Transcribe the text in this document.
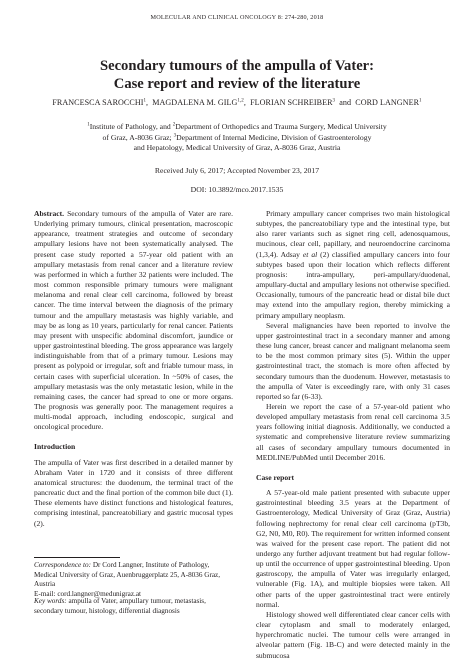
MOLECULAR AND CLINICAL ONCOLOGY 8: 274-280, 2018
Secondary tumours of the ampulla of Vater:
Case report and review of the literature
FRANCESCA SAROCCHI$^1$,  MAGDALENA M. GILG$^{1,2}$,  FLORIAN SCHREIBER$^3$ and CORD LANGNER$^1$
$^1$Institute of Pathology, and $^2$Department of Orthopedics and Trauma Surgery, Medical University
of Graz, A-8036 Graz; $^3$Department of Internal Medicine, Division of Gastroenterology
and Hepatology, Medical University of Graz, A-8036 Graz, Austria
Received July 6, 2017; Accepted November 23, 2017
DOI: 10.3892/mco.2017.1535

Abstract. Secondary tumours of the ampulla of Vater are rare. Underlying primary tumours, clinical presentation, macroscopic appearance, treatment strategies and outcome of secondary ampullary lesions have not been systematically analysed. The present case study reported a 57-year old patient with an ampullary metastasis from renal cancer and a literature review was performed in which a further 32 patients were included. The most common responsible primary tumours were malignant melanoma and renal clear cell carcinoma, followed by breast cancer. The time interval between the diagnosis of the primary tumour and the ampullary metastasis was highly variable, and may be as long as 10 years, particularly for renal cancer. Patients may present with unspecific abdominal discomfort, jaundice or upper gastrointestinal bleeding. The gross appearance was largely indistinguishable from that of a primary tumour. Lesions may present as polypoid or irregular, soft and friable tumour mass, in certain cases with superficial ulceration. In ~50% of cases, the ampullary metastasis was the only metastatic lesion, while in the remaining cases, the cancer had spread to one or more organs. The prognosis was generally poor. The management requires a multi-modal approach, including endoscopic, surgical and oncological procedure.

Introduction

The ampulla of Vater was first described in a detailed manner by Abraham Vater in 1720 and it consists of three different anatomical structures: the duodenum, the terminal tract of the pancreatic duct and the final portion of the common bile duct (1). These elements have distinct functions and histological features, comprising intestinal, pancreatobiliary and gastric mucosal types (2).

Correspondence to: Dr Cord Langner, Institute of Pathology, Medical University of Graz, Auenbruggerplatz 25, A-8036 Graz, Austria

E-mail: cord.langner@medunigraz.at

Key words: ampulla of Vater, ampullary tumour, metastasis, secondary tumour, histology, differential diagnosis

Primary ampullary cancer comprises two main histological subtypes, the pancreatobiliary type and the intestinal type, but also rarer variants such as signet ring cell, adenosquamous, mucinous, clear cell, papillary, and neuroendocrine carcinoma (1,3,4). Adsay et al (2) classified ampullary cancers into four subtypes based upon their location which reflects different prognosis: intra-ampullary, peri-ampullary/duodenal, ampullary-ductal and ampullary lesions not otherwise specified. Occasionally, tumours of the pancreatic head or distal bile duct may extend into the ampullary region, thereby mimicking a primary ampullary neoplasm.

Several malignancies have been reported to involve the upper gastrointestinal tract in a secondary manner and among these lung cancer, breast cancer and malignant melanoma seem to be the most common primary sites (5). Within the upper gastrointestinal tract, the stomach is more often affected by secondary tumours than the duodenum. However, metastasis to the ampulla of Vater is exceedingly rare, with only 31 cases reported so far (6-33).

Herein we report the case of a 57-year-old patient who developed ampullary metastasis from renal cell carcinoma 3.5 years following initial diagnosis. Additionally, we conducted a systematic and comprehensive literature review summarizing all cases of secondary ampullary tumours documented in MEDLINE/PubMed until December 2016.

Case report

A 57-year-old male patient presented with subacute upper gastrointestinal bleeding 3.5 years at the Department of Gastroenterology, Medical University of Graz (Graz, Austria) following nephrectomy for renal clear cell carcinoma (pT3b, G2, N0, M0, R0). The requirement for written informed consent was waived for the present case report. The patient did not undergo any further adjuvant treatment but had regular follow-up until the occurrence of upper gastrointestinal bleeding. Upon gastroscopy, the ampulla of Vater was irregularly enlarged, vulnerable (Fig. 1A), and multiple biopsies were taken. All other parts of the upper gastrointestinal tract were entirely normal.

Histology showed well differentiated clear cancer cells with clear cytoplasm and small to moderately enlarged, hyperchromatic nuclei. The tumour cells were arranged in alveolar pattern (Fig. 1B-C) and were detected mainly in the submucosa
